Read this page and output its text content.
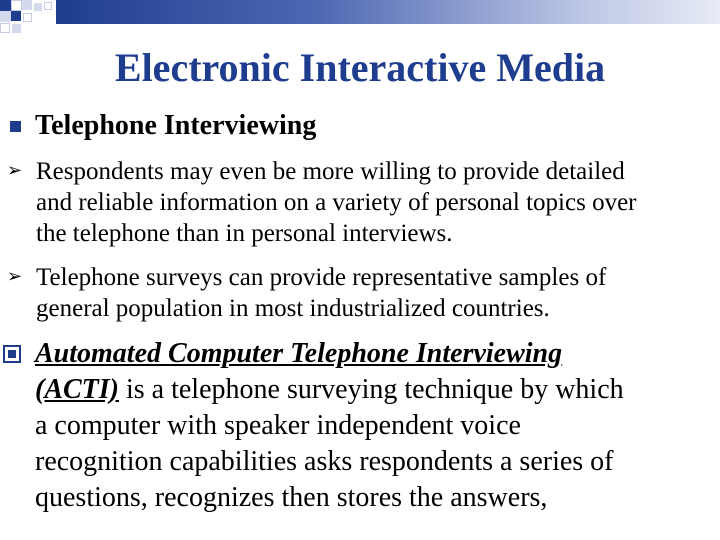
Electronic Interactive Media
Telephone Interviewing
➢ Respondents may even be more willing to provide detailed
and reliable information on a variety of personal topics over
the telephone than in personal interviews.
➢ Telephone surveys can provide representative samples of
general population in most industrialized countries.
Automated Computer Telephone Interviewing
(ACTI) is a telephone surveying technique by which
a computer with speaker independent voice
recognition capabilities asks respondents a series of
questions, recognizes then stores the answers,
